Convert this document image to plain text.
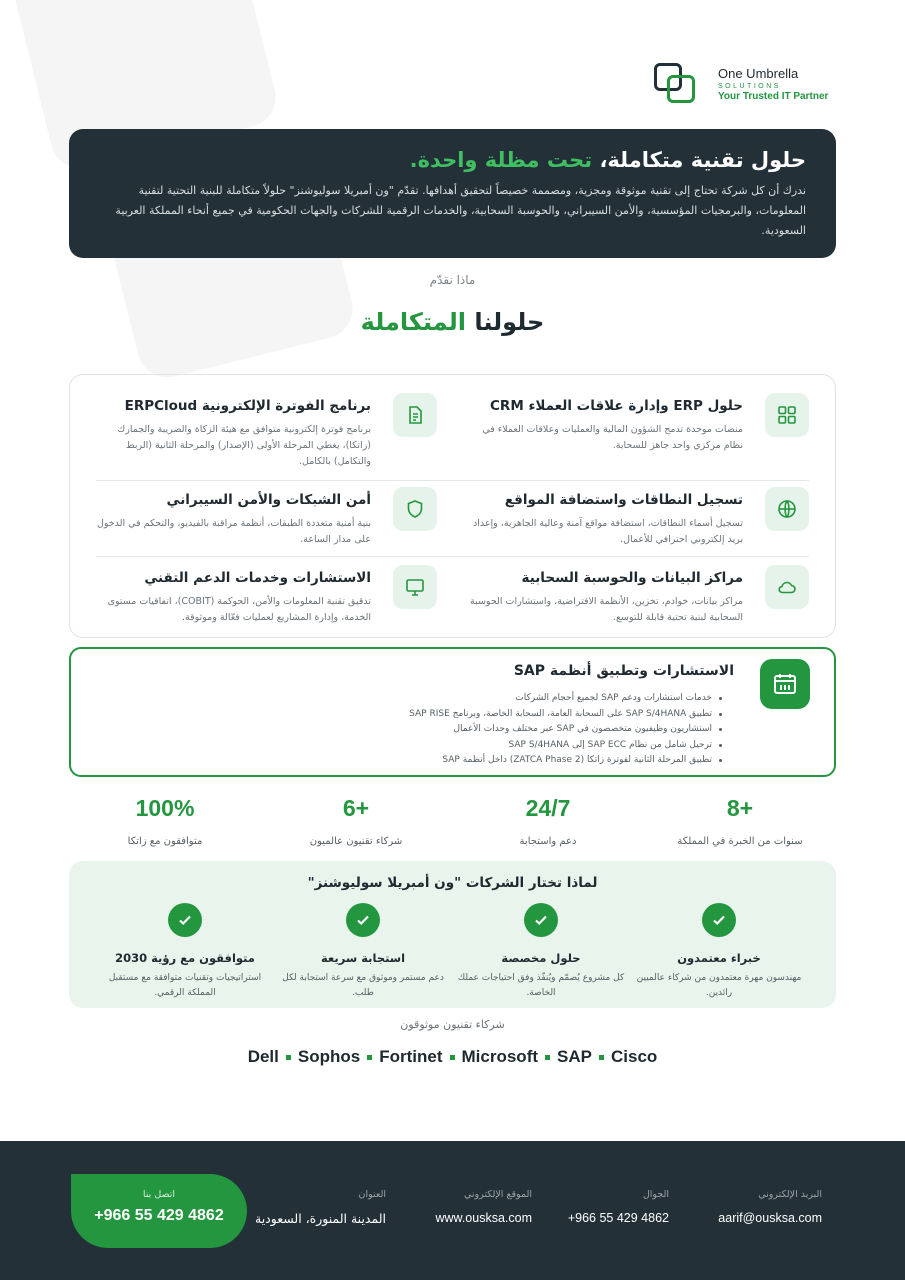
One Umbrella
SOLUTIONS
Your Trusted IT Partner
حلول تقنية متكاملة، تحت مظلة واحدة.

ندرك أن كل شركة تحتاج إلى تقنية موثوقة ومجزية، ومصممة خصيصاً لتحقيق أهدافها. تقدّم "ون أمبريلا سوليوشنز" حلولاً متكاملة للبنية التحتية لتقنية المعلومات، والبرمجيات المؤسسية، والأمن السيبراني، والحوسبة السحابية، والخدمات الرقمية للشركات والجهات الحكومية في جميع أنحاء المملكة العربية السعودية.

ماذا نقدّم
حلولنا المتكاملة
حلول ERP وإدارة علاقات العملاء CRM

منصات موحدة تدمج الشؤون المالية والعمليات وعلاقات العملاء في نظام مركزي واحد جاهز للسحابة.

تسجيل النطاقات واستضافة المواقع

تسجيل أسماء النطاقات، استضافة مواقع آمنة وعالية الجاهزية، وإعداد بريد إلكتروني احترافي للأعمال.

مراكز البيانات والحوسبة السحابية

مراكز بيانات، خوادم، تخزين، الأنظمة الافتراضية، واستشارات الحوسبة السحابية لبنية تحتية قابلة للتوسع.

برنامج الفوترة الإلكترونية ERPCloud

برنامج فوترة إلكترونية متوافق مع هيئة الزكاة والضريبة والجمارك (زاتكا)، يغطي المرحلة الأولى (الإصدار) والمرحلة الثانية (الربط والتكامل) بالكامل.

أمن الشبكات والأمن السيبراني

بنية أمنية متعددة الطبقات، أنظمة مراقبة بالفيديو، والتحكم في الدخول على مدار الساعة.

الاستشارات وخدمات الدعم التقني

تدقيق تقنية المعلومات والأمن، الحوكمة (COBIT)، اتفاقيات مستوى الخدمة، وإدارة المشاريع لعمليات فعّالة وموثوقة.

الاستشارات وتطبيق أنظمة SAP
خدمات استشارات ودعم SAP لجميع أحجام الشركات
تطبيق SAP S/4HANA على السحابة العامة، السحابة الخاصة، وبرنامج SAP RISE
استشاريون وظيفيون متخصصون في SAP عبر مختلف وحدات الأعمال
ترحيل شامل من نظام SAP ECC إلى SAP S/4HANA
تطبيق المرحلة الثانية لفوترة زاتكا (ZATCA Phase 2) داخل أنظمة SAP
8+
سنوات من الخبرة في المملكة
24/7
دعم واستجابة
6+
شركاء تقنيون عالميون
100%
متوافقون مع زاتكا
لماذا تختار الشركات "ون أمبريلا سوليوشنز"
خبراء معتمدون

مهندسون مهرة معتمدون من شركاء عالميين رائدين.

حلول مخصصة

كل مشروع يُصمّم ويُنفّذ وفق احتياجات عملك الخاصة.

استجابة سريعة

دعم مستمر وموثوق مع سرعة استجابة لكل طلب.

متوافقون مع رؤية 2030

استراتيجيات وتقنيات متوافقة مع مستقبل المملكة الرقمي.

شركاء تقنيون موثوقون
Dell Sophos Fortinet Microsoft SAP Cisco
البريد الإلكتروني
aarif@ousksa.com
الجوال
+966 55 429 4862
الموقع الإلكتروني
www.ousksa.com
العنوان
المدينة المنورة، السعودية
اتصل بنا
+966 55 429 4862
